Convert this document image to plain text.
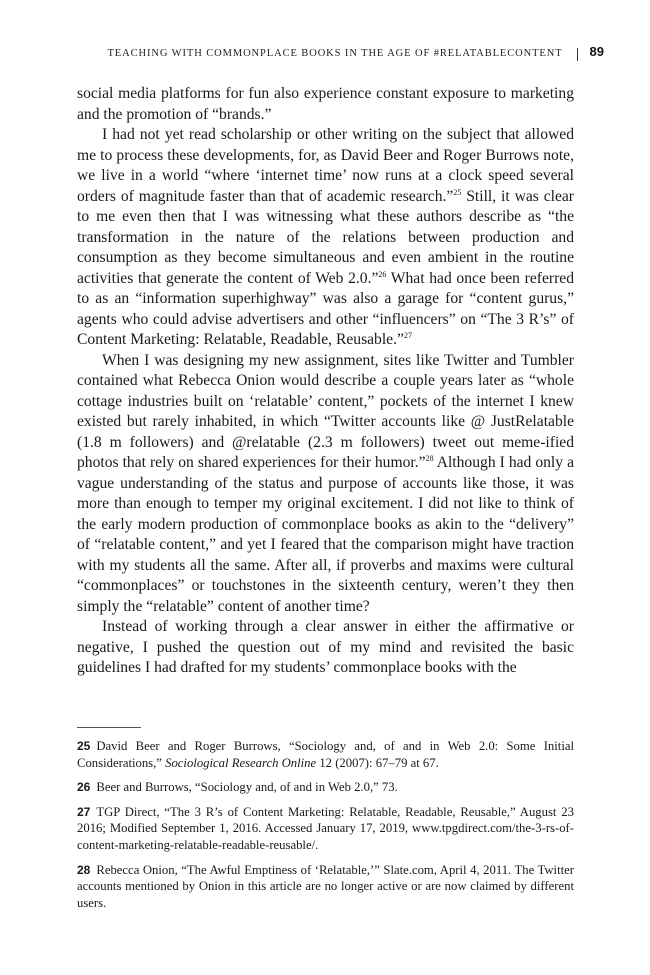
TEACHING WITH COMMONPLACE BOOKS IN THE AGE OF #RELATABLECONTENT 89

social media platforms for fun also experience constant exposure to marketing and the promotion of “brands.”

I had not yet read scholarship or other writing on the subject that allowed me to process these developments, for, as David Beer and Roger Burrows note, we live in a world “where ‘internet time’ now runs at a clock speed several orders of magnitude faster than that of academic research.”$^{25}$ Still, it was clear to me even then that I was witnessing what these authors describe as “the transformation in the nature of the relations between production and consumption as they become simultaneous and even ambient in the routine activities that generate the content of Web 2.0.”$^{26}$ What had once been referred to as an “information superhighway” was also a garage for “content gurus,” agents who could advise advertisers and other “influencers” on “The 3 R’s” of Content Marketing: Relatable, Readable, Reusable.”$^{27}$

When I was designing my new assignment, sites like Twitter and Tumbler contained what Rebecca Onion would describe a couple years later as “whole cottage industries built on ‘relatable’ content,” pockets of the internet I knew existed but rarely inhabited, in which “Twitter accounts like @ JustRelatable (1.8 m followers) and @relatable (2.3 m followers) tweet out meme-ified photos that rely on shared experiences for their humor.”$^{28}$ Although I had only a vague understanding of the status and purpose of accounts like those, it was more than enough to temper my original excitement. I did not like to think of the early modern production of commonplace books as akin to the “delivery” of “relatable content,” and yet I feared that the comparison might have traction with my students all the same. After all, if proverbs and maxims were cultural “commonplaces” or touchstones in the sixteenth century, weren’t they then simply the “relatable” content of another time?

Instead of working through a clear answer in either the affirmative or negative, I pushed the question out of my mind and revisited the basic guidelines I had drafted for my students’ commonplace books with the

25 David Beer and Roger Burrows, “Sociology and, of and in Web 2.0: Some Initial Considerations,” Sociological Research Online 12 (2007): 67–79 at 67.

26 Beer and Burrows, “Sociology and, of and in Web 2.0,” 73.

27 TGP Direct, “The 3 R’s of Content Marketing: Relatable, Readable, Reusable,” August 23 2016; Modified September 1, 2016. Accessed January 17, 2019, www.tpgdirect.com/the-3-rs-of-content-marketing-relatable-readable-reusable/.

28 Rebecca Onion, “The Awful Emptiness of ‘Relatable,’” Slate.com, April 4, 2011. The Twitter accounts mentioned by Onion in this article are no longer active or are now claimed by different users.
